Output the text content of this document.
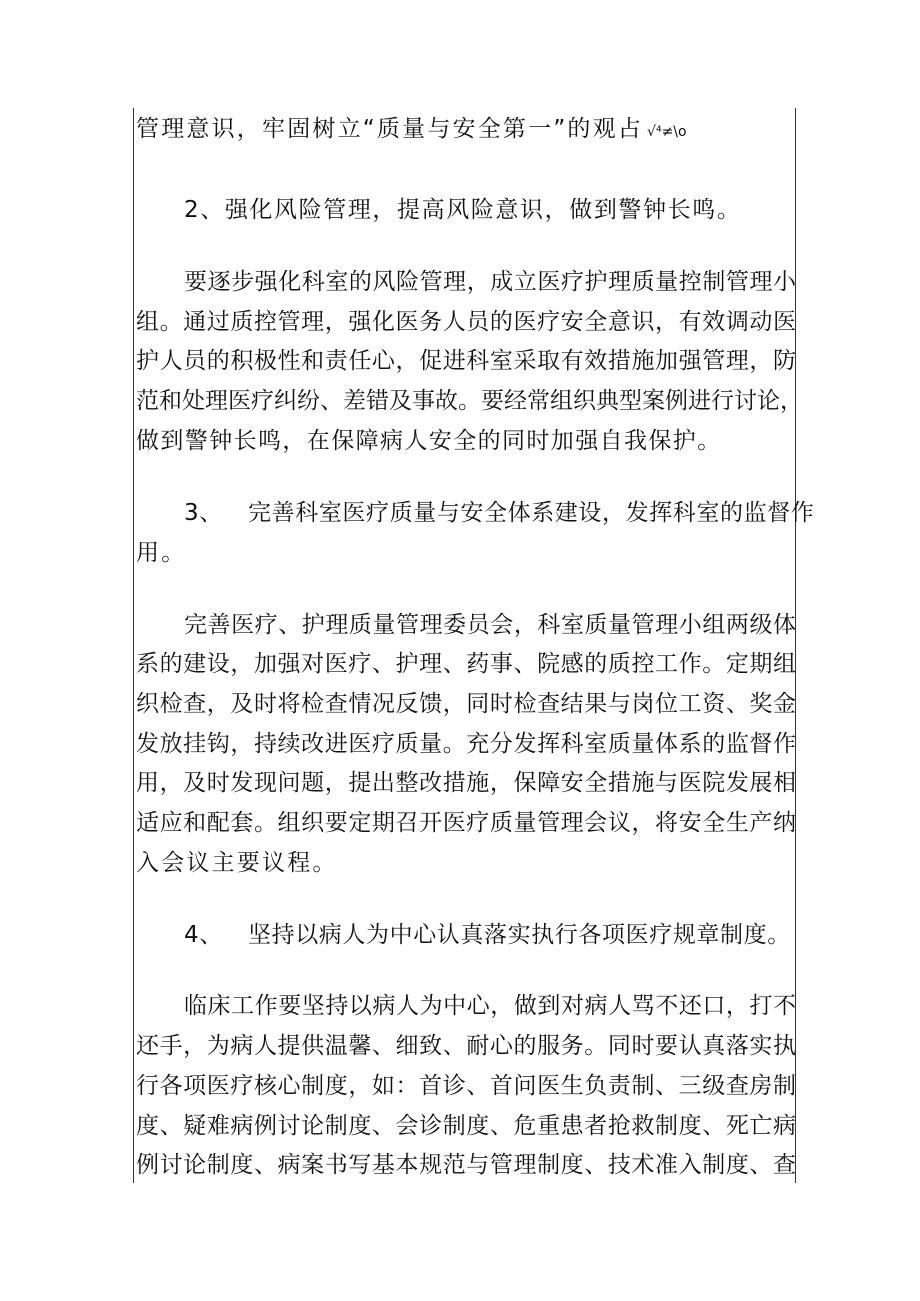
管理意识，牢固树立“质量与安全第一”的观占 √⁴≠\o
2、强化风险管理，提高风险意识，做到警钟长鸣。
要逐步强化科室的风险管理，成立医疗护理质量控制管理小
组。通过质控管理，强化医务人员的医疗安全意识，有效调动医
护人员的积极性和责任心，促进科室采取有效措施加强管理，防
范和处理医疗纠纷、差错及事故。要经常组织典型案例进行讨论，
做到警钟长鸣，在保障病人安全的同时加强自我保护。
3、 完善科室医疗质量与安全体系建设，发挥科室的监督作
用。
完善医疗、护理质量管理委员会，科室质量管理小组两级体
系的建设，加强对医疗、护理、药事、院感的质控工作。定期组
织检查，及时将检查情况反馈，同时检查结果与岗位工资、奖金
发放挂钩，持续改进医疗质量。充分发挥科室质量体系的监督作
用，及时发现问题，提出整改措施，保障安全措施与医院发展相
适应和配套。组织要定期召开医疗质量管理会议，将安全生产纳
入会议主要议程。
4、 坚持以病人为中心认真落实执行各项医疗规章制度。
临床工作要坚持以病人为中心，做到对病人骂不还口，打不
还手，为病人提供温馨、细致、耐心的服务。同时要认真落实执
行各项医疗核心制度，如：首诊、首问医生负责制、三级查房制
度、疑难病例讨论制度、会诊制度、危重患者抢救制度、死亡病
例讨论制度、病案书写基本规范与管理制度、技术准入制度、查
